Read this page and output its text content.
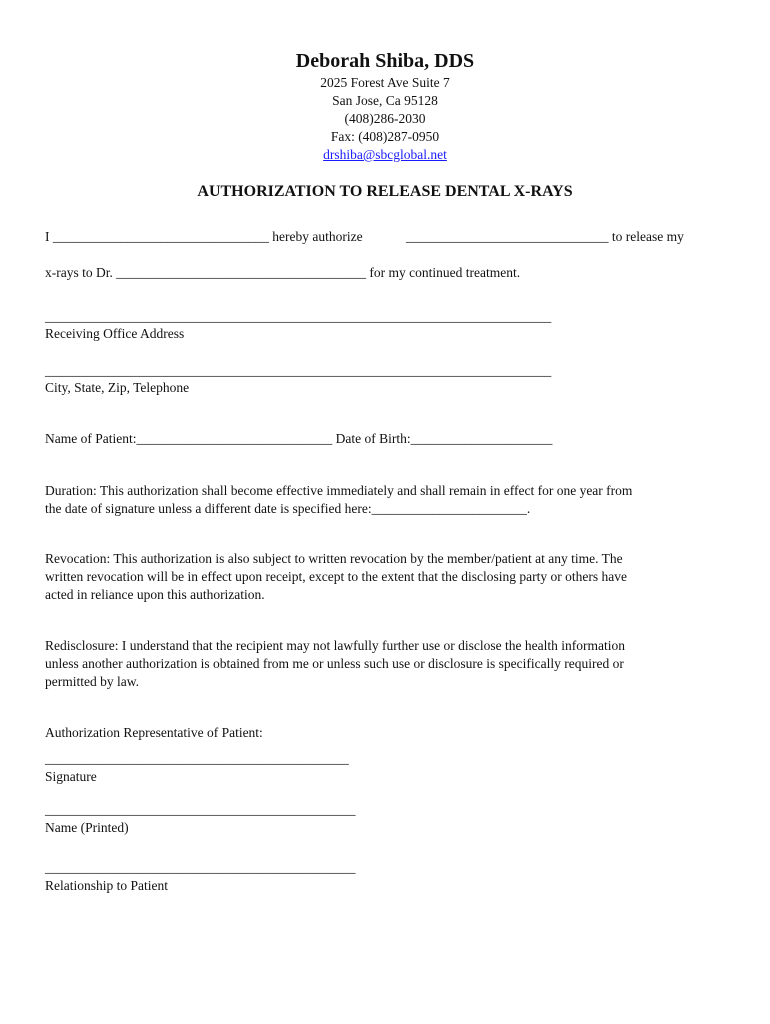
Deborah Shiba, DDS
2025 Forest Ave Suite 7
San Jose, Ca 95128
(408)286-2030
Fax: (408)287-0950
drshiba@sbcglobal.net
AUTHORIZATION TO RELEASE DENTAL X-RAYS
I ________________________________ hereby authorize	______________________________ to release my
x-rays to Dr. _____________________________________ for my continued treatment.
___________________________________________________________________________
Receiving Office Address
___________________________________________________________________________
City, State, Zip, Telephone
Name of Patient:_____________________________ Date of Birth:_____________________
Duration: This authorization shall become effective immediately and shall remain in effect for one year from
the date of signature unless a different date is specified here:_______________________.
Revocation: This authorization is also subject to written revocation by the member/patient at any time. The
written revocation will be in effect upon receipt, except to the extent that the disclosing party or others have
acted in reliance upon this authorization.
Redisclosure: I understand that the recipient may not lawfully further use or disclose the health information
unless another authorization is obtained from me or unless such use or disclosure is specifically required or
permitted by law.
Authorization Representative of Patient:
_____________________________________________
Signature
______________________________________________
Name (Printed)
______________________________________________
Relationship to Patient
